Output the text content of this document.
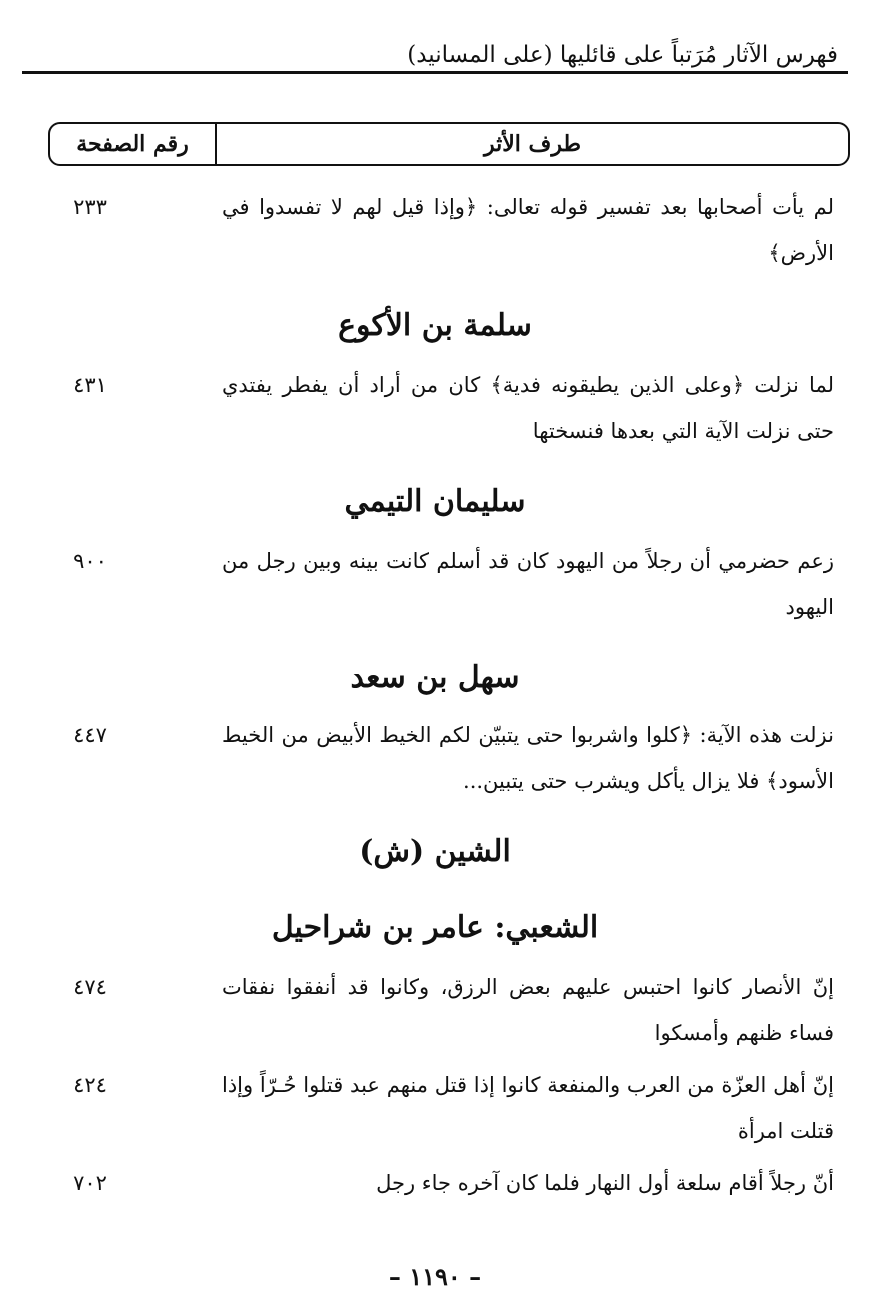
فهرس الآثار مُرَتباً على قائليها (على المسانيد)
طرف الأثر
رقم الصفحة
لم يأت أصحابها بعد تفسير قوله تعالى: ﴿وإذا قيل لهم لا تفسدوا في الأرض﴾
٢٣٣
سلمة بن الأكوع
لما نزلت ﴿وعلى الذين يطيقونه فدية﴾ كان من أراد أن يفطر يفتدي حتى نزلت الآية التي بعدها فنسختها
٤٣١
سليمان التيمي
زعم حضرمي أن رجلاً من اليهود كان قد أسلم كانت بينه وبين رجل من اليهود
٩٠٠
سهل بن سعد
نزلت هذه الآية: ﴿كلوا واشربوا حتى يتبيّن لكم الخيط الأبيض من الخيط الأسود﴾ فلا يزال يأكل ويشرب حتى يتبين...
٤٤٧
الشين (ش)
الشعبي: عامر بن شراحيل
إنّ الأنصار كانوا احتبس عليهم بعض الرزق، وكانوا قد أنفقوا نفقات فساء ظنهم وأمسكوا
٤٧٤
إنّ أهل العزّة من العرب والمنفعة كانوا إذا قتل منهم عبد قتلوا حُـرّاً وإذا قتلت امرأة
٤٢٤
أنّ رجلاً أقام سلعة أول النهار فلما كان آخره جاء رجل
٧٠٢
– ١١٩٠ –
